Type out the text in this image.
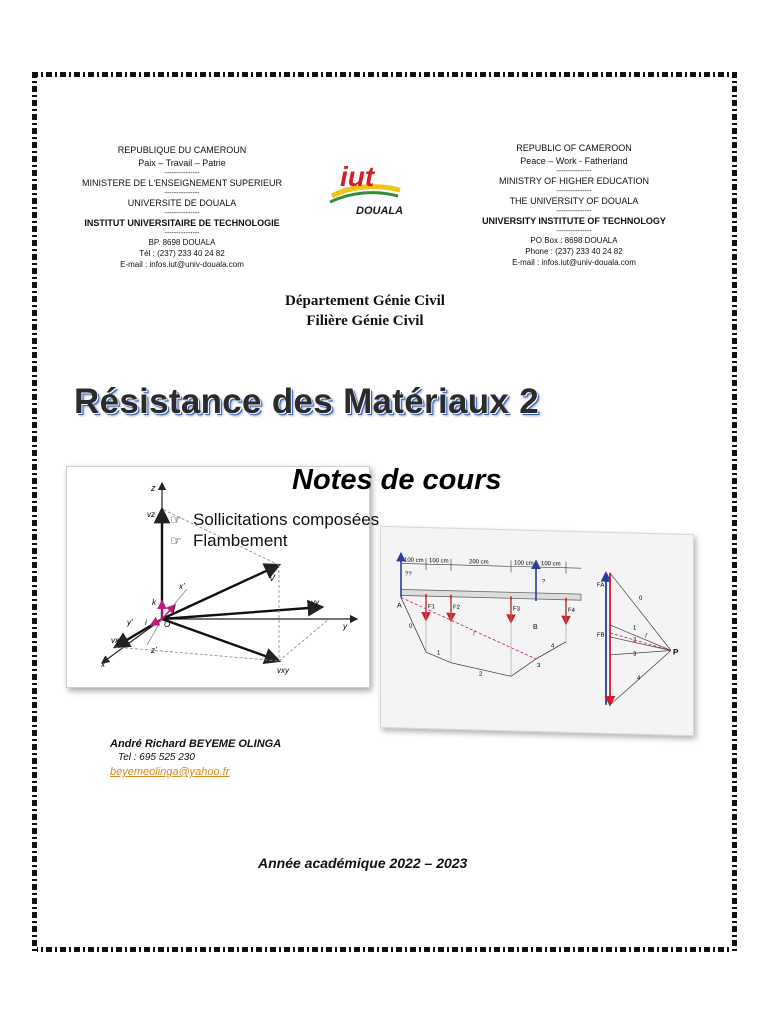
REPUBLIQUE DU CAMEROUN
Paix – Travail – Patrie
---------------
MINISTERE DE L'ENSEIGNEMENT SUPERIEUR
---------------
UNIVERSITE DE DOUALA
---------------
INSTITUT UNIVERSITAIRE DE TECHNOLOGIE
---------------
BP. 8698 DOUALA
Tél : (237) 233 40 24 82
E-mail : infos.iut@univ-douala.com
REPUBLIC OF CAMEROON
Peace – Work - Fatherland
---------------
MINISTRY OF HIGHER EDUCATION
---------------
THE UNIVERSITY OF DOUALA
---------------
UNIVERSITY INSTITUTE OF TECHNOLOGY
---------------
PO Box : 8698 DOUALA
Phone : (237) 233 40 24 82
E-mail : infos.iut@univ-douala.com
iut
DOUALA
Département Génie Civil
Filière Génie Civil
Résistance des Matériaux 2
z
vz
x'
V
k
j
y' i O
vy
y
vx
z'
x
vxy
100 cm 100 cm	200 cm	100 cm 100 cm
??
?
F1	F2	F3	F4
A
B
0
1
2
3
4
f
FA
FB
0
1
2
3
4
f
P
Notes de cours
☞ Sollicitations composées
☞ Flambement
André Richard BEYEME OLINGA
Tel : 695 525 230
beyemeolinga@yahoo.fr
Année académique 2022 – 2023
